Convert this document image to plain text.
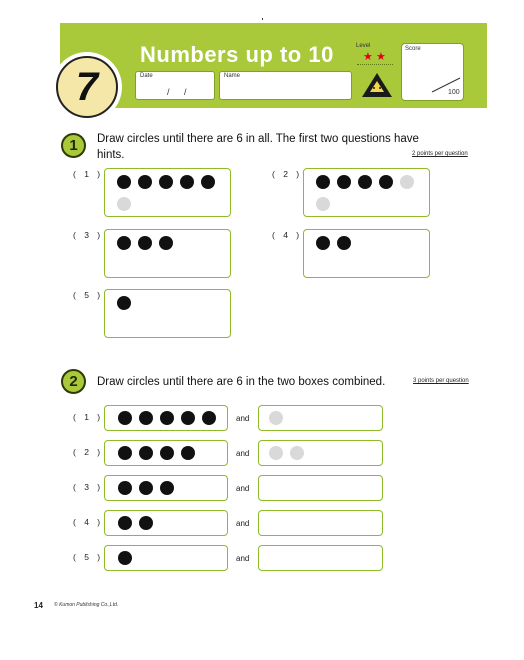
7
Numbers up to 10
Date
/ /
Name
Level
★ ★
Score
100
1	Draw circles until there are 6 in all. The first two questions have
hints.	2 points per question
( 1 )	( 2 )
( 3 )	( 4 )
( 5 )
2	Draw circles until there are 6 in the two boxes combined.	3 points per question
( 1 )	and
( 2 )	and
( 3 )	and
( 4 )	and
( 5 )	and
14 © Kumon Publishing Co.,Ltd.
